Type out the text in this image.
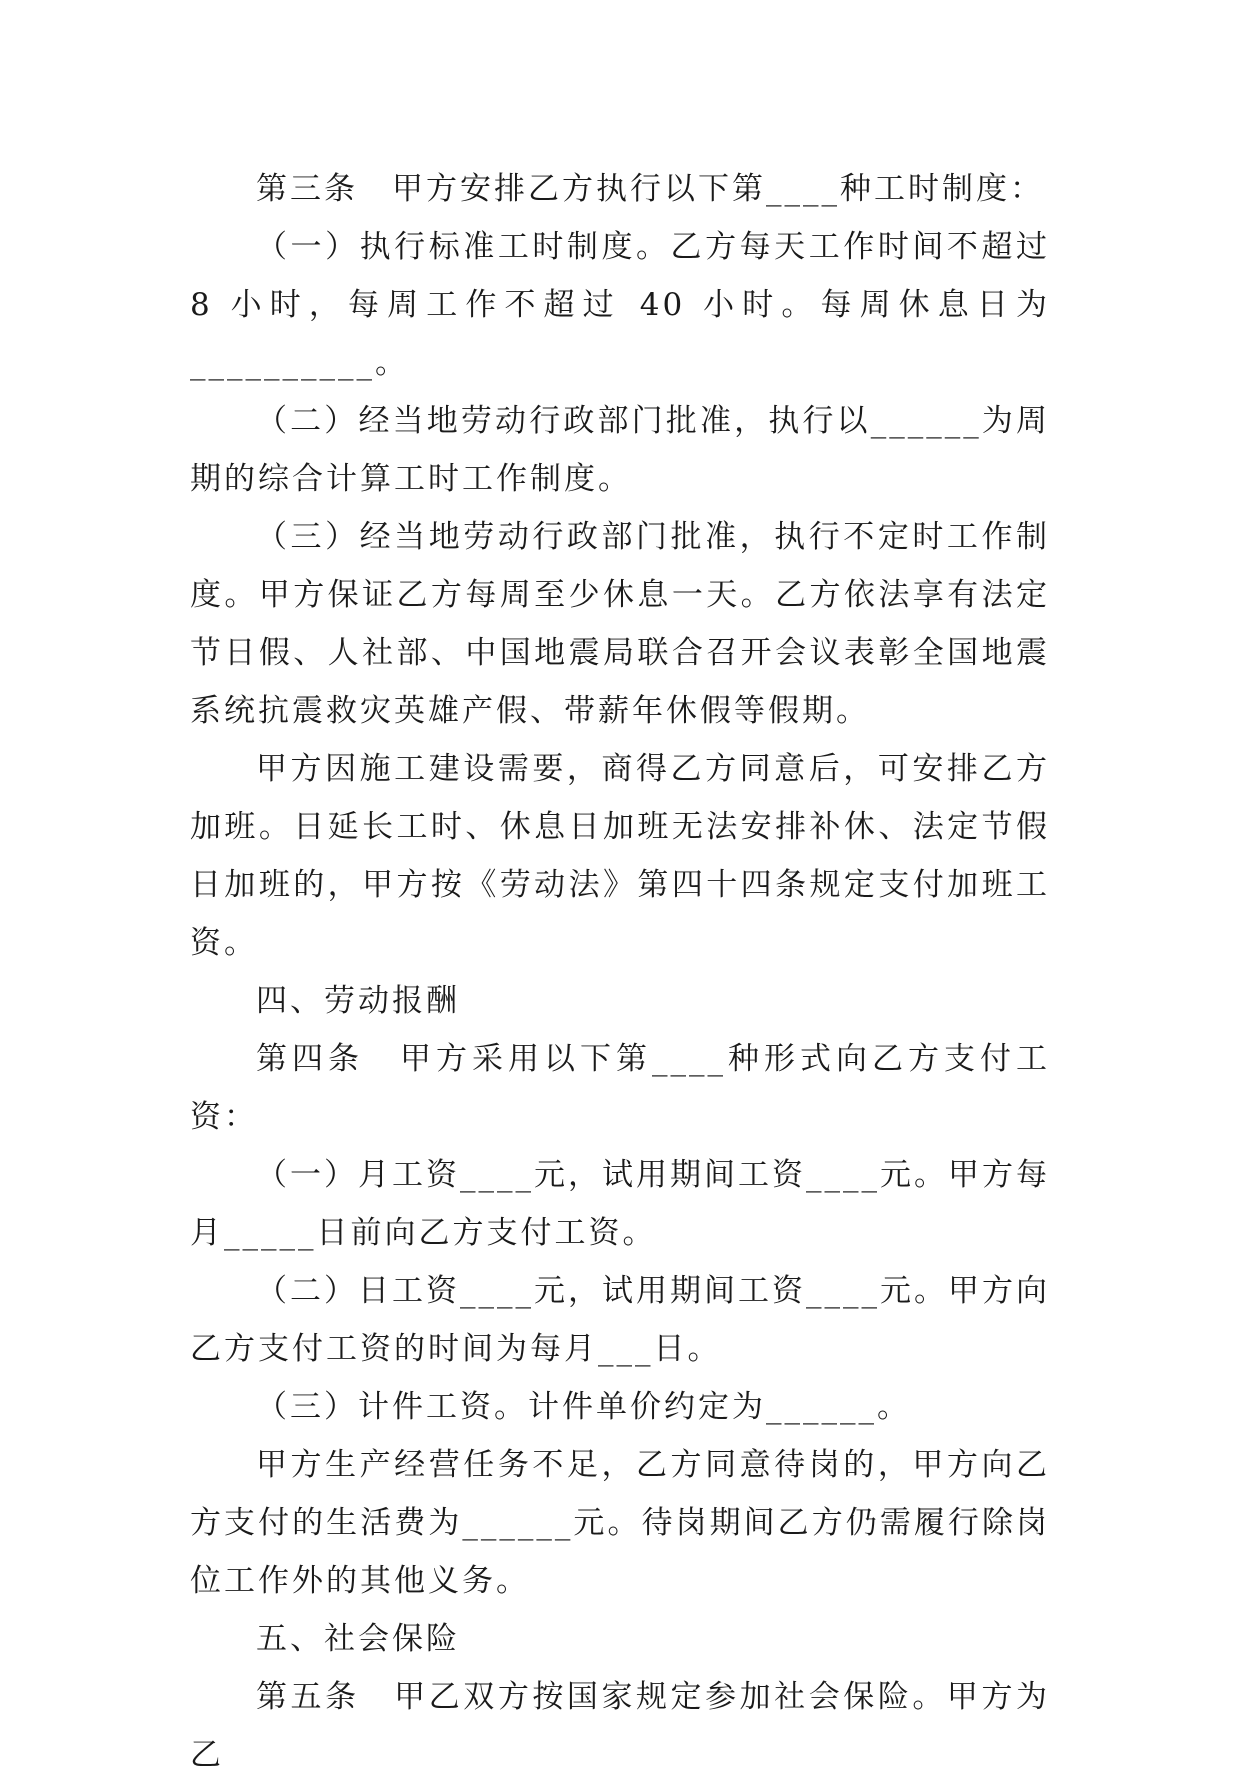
第三条　甲方安排乙方执行以下第____种工时制度：

（一）执行标准工时制度。乙方每天工作时间不超过 8 小时，每周工作不超过 40 小时。每周休息日为__________。

（二）经当地劳动行政部门批准，执行以______为周期的综合计算工时工作制度。

（三）经当地劳动行政部门批准，执行不定时工作制度。甲方保证乙方每周至少休息一天。乙方依法享有法定节日假、人社部、中国地震局联合召开会议表彰全国地震系统抗震救灾英雄产假、带薪年休假等假期。

甲方因施工建设需要，商得乙方同意后，可安排乙方加班。日延长工时、休息日加班无法安排补休、法定节假日加班的，甲方按《劳动法》第四十四条规定支付加班工资。

四、劳动报酬

第四条　甲方采用以下第____种形式向乙方支付工资：

（一）月工资____元，试用期间工资____元。甲方每月_____日前向乙方支付工资。

（二）日工资____元，试用期间工资____元。甲方向乙方支付工资的时间为每月___日。

（三）计件工资。计件单价约定为______。

甲方生产经营任务不足，乙方同意待岗的，甲方向乙方支付的生活费为______元。待岗期间乙方仍需履行除岗位工作外的其他义务。

五、社会保险

第五条　甲乙双方按国家规定参加社会保险。甲方为乙
